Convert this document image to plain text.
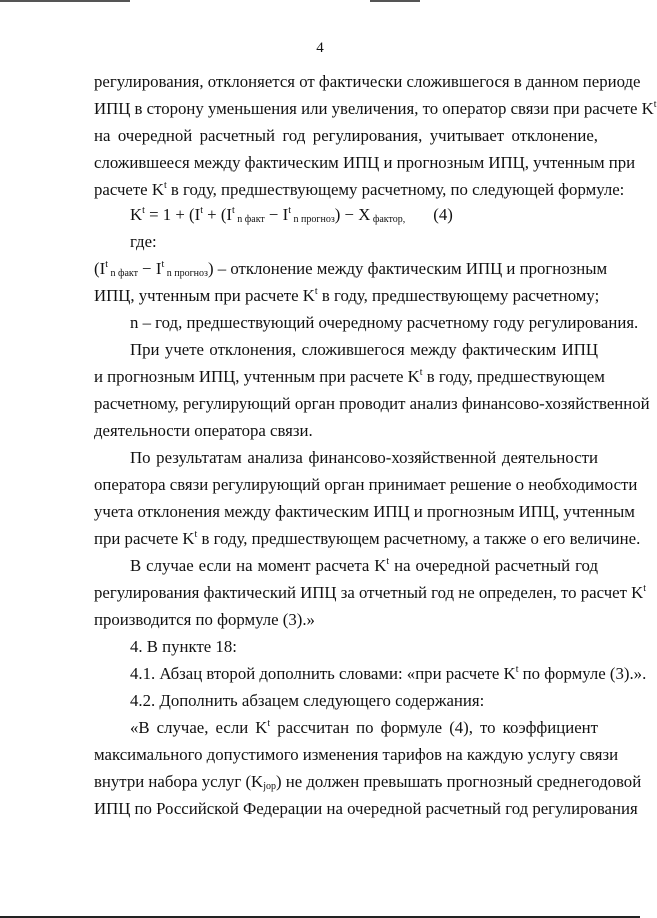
4
регулирования, отклоняется от фактически сложившегося в данном периоде
ИПЦ в сторону уменьшения или увеличения, то оператор связи при расчете $K^t$
на очередной расчетный год регулирования, учитывает отклонение,
сложившееся между фактическим ИПЦ и прогнозным ИПЦ, учтенным при
расчете $K^t$ в году, предшествующему расчетному, по следующей формуле:
$K^t = 1 + (I^t + (I^t$ $_{n факт} - I^t$ $_{n прогноз}$) − X $_{фактор,}$ (4)
где:
($I^t$ $_{n факт} - I^t$ $_{n прогноз}$) – отклонение между фактическим ИПЦ и прогнозным
ИПЦ, учтенным при расчете $K^t$ в году, предшествующему расчетному;
n – год, предшествующий очередному расчетному году регулирования.
При учете отклонения, сложившегося между фактическим ИПЦ
и прогнозным ИПЦ, учтенным при расчете $K^t$ в году, предшествующем
расчетному, регулирующий орган проводит анализ финансово-хозяйственной
деятельности оператора связи.
По результатам анализа финансово-хозяйственной деятельности
оператора связи регулирующий орган принимает решение о необходимости
учета отклонения между фактическим ИПЦ и прогнозным ИПЦ, учтенным
при расчете $K^t$ в году, предшествующем расчетному, а также о его величине.
В случае если на момент расчета $K^t$ на очередной расчетный год
регулирования фактический ИПЦ за отчетный год не определен, то расчет $K^t$
производится по формуле (3).»
4. В пункте 18:
4.1. Абзац второй дополнить словами: «при расчете $K^t$ по формуле (3).».
4.2. Дополнить абзацем следующего содержания:
«В случае, если $K^t$ рассчитан по формуле (4), то коэффициент
максимального допустимого изменения тарифов на каждую услугу связи
внутри набора услуг $(K_{jop})$ не должен превышать прогнозный среднегодовой
ИПЦ по Российской Федерации на очередной расчетный год регулирования
